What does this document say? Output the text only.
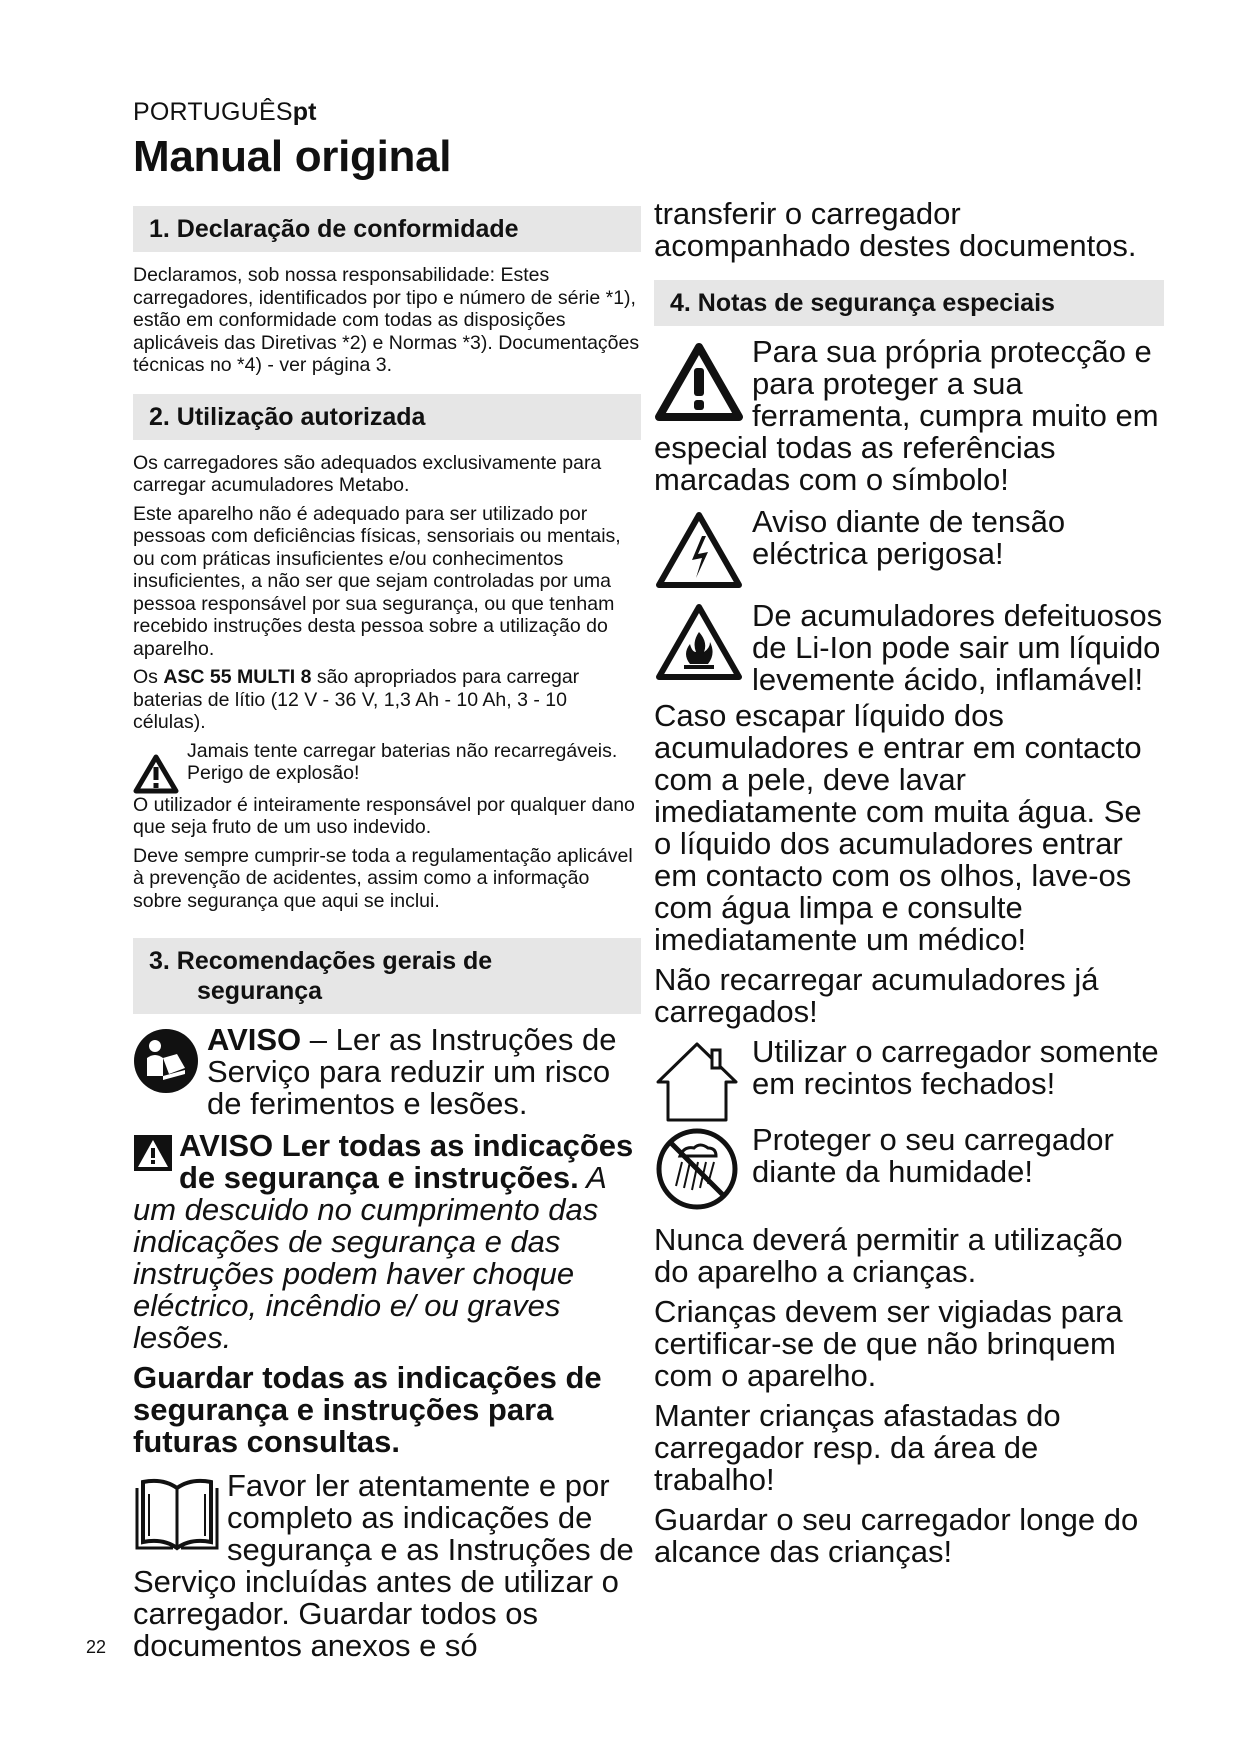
PORTUGUÊSpt
Manual original
1. Declaração de conformidade

Declaramos, sob nossa responsabilidade: Estes carregadores, identificados por tipo e número de série *1), estão em conformidade com todas as disposições aplicáveis das Diretivas *2) e Normas *3). Documentações técnicas no *4) - ver página 3.

2. Utilização autorizada

Os carregadores são adequados exclusivamente para carregar acumuladores Metabo.

Este aparelho não é adequado para ser utilizado por pessoas com deficiências físicas, sensoriais ou mentais, ou com práticas insuficientes e/ou conhecimentos insuficientes, a não ser que sejam controladas por uma pessoa responsável por sua segurança, ou que tenham recebido instruções desta pessoa sobre a utilização do aparelho.

Os ASC 55 MULTI 8 são apropriados para carregar baterias de lítio (12 V - 36 V, 1,3 Ah - 10 Ah, 3 - 10 células).

Jamais tente carregar baterias não recarregáveis. Perigo de explosão!

O utilizador é inteiramente responsável por qualquer dano que seja fruto de um uso indevido.

Deve sempre cumprir-se toda a regulamentação aplicável à prevenção de acidentes, assim como a informação sobre segurança que aqui se inclui.

3. Recomendações gerais de
segurança

AVISO – Ler as Instruções de Serviço para reduzir um risco de ferimentos e lesões.

AVISO Ler todas as indicações de segurança e instruções. A um descuido no cumprimento das indicações de segurança e das instruções podem haver choque eléctrico, incêndio e/ ou graves lesões.

Guardar todas as indicações de segurança e instruções para futuras consultas.

Favor ler atentamente e por completo as indicações de segurança e as Instruções de Serviço incluídas antes de utilizar o carregador. Guardar todos os documentos anexos e só

transferir o carregador acompanhado destes documentos.

4. Notas de segurança especiais

Para sua própria protecção e para proteger a sua ferramenta, cumpra muito em especial todas as referências marcadas com o símbolo!

Aviso diante de tensão eléctrica perigosa!

De acumuladores defeituosos de Li-Ion pode sair um líquido levemente ácido, inflamável!

Caso escapar líquido dos acumuladores e entrar em contacto com a pele, deve lavar imediatamente com muita água. Se o líquido dos acumuladores entrar em contacto com os olhos, lave-os com água limpa e consulte imediatamente um médico!

Não recarregar acumuladores já carregados!

Utilizar o carregador somente em recintos fechados!

Proteger o seu carregador diante da humidade!

Nunca deverá permitir a utilização do aparelho a crianças.

Crianças devem ser vigiadas para certificar-se de que não brinquem com o aparelho.

Manter crianças afastadas do carregador resp. da área de trabalho!

Guardar o seu carregador longe do alcance das crianças!

22
